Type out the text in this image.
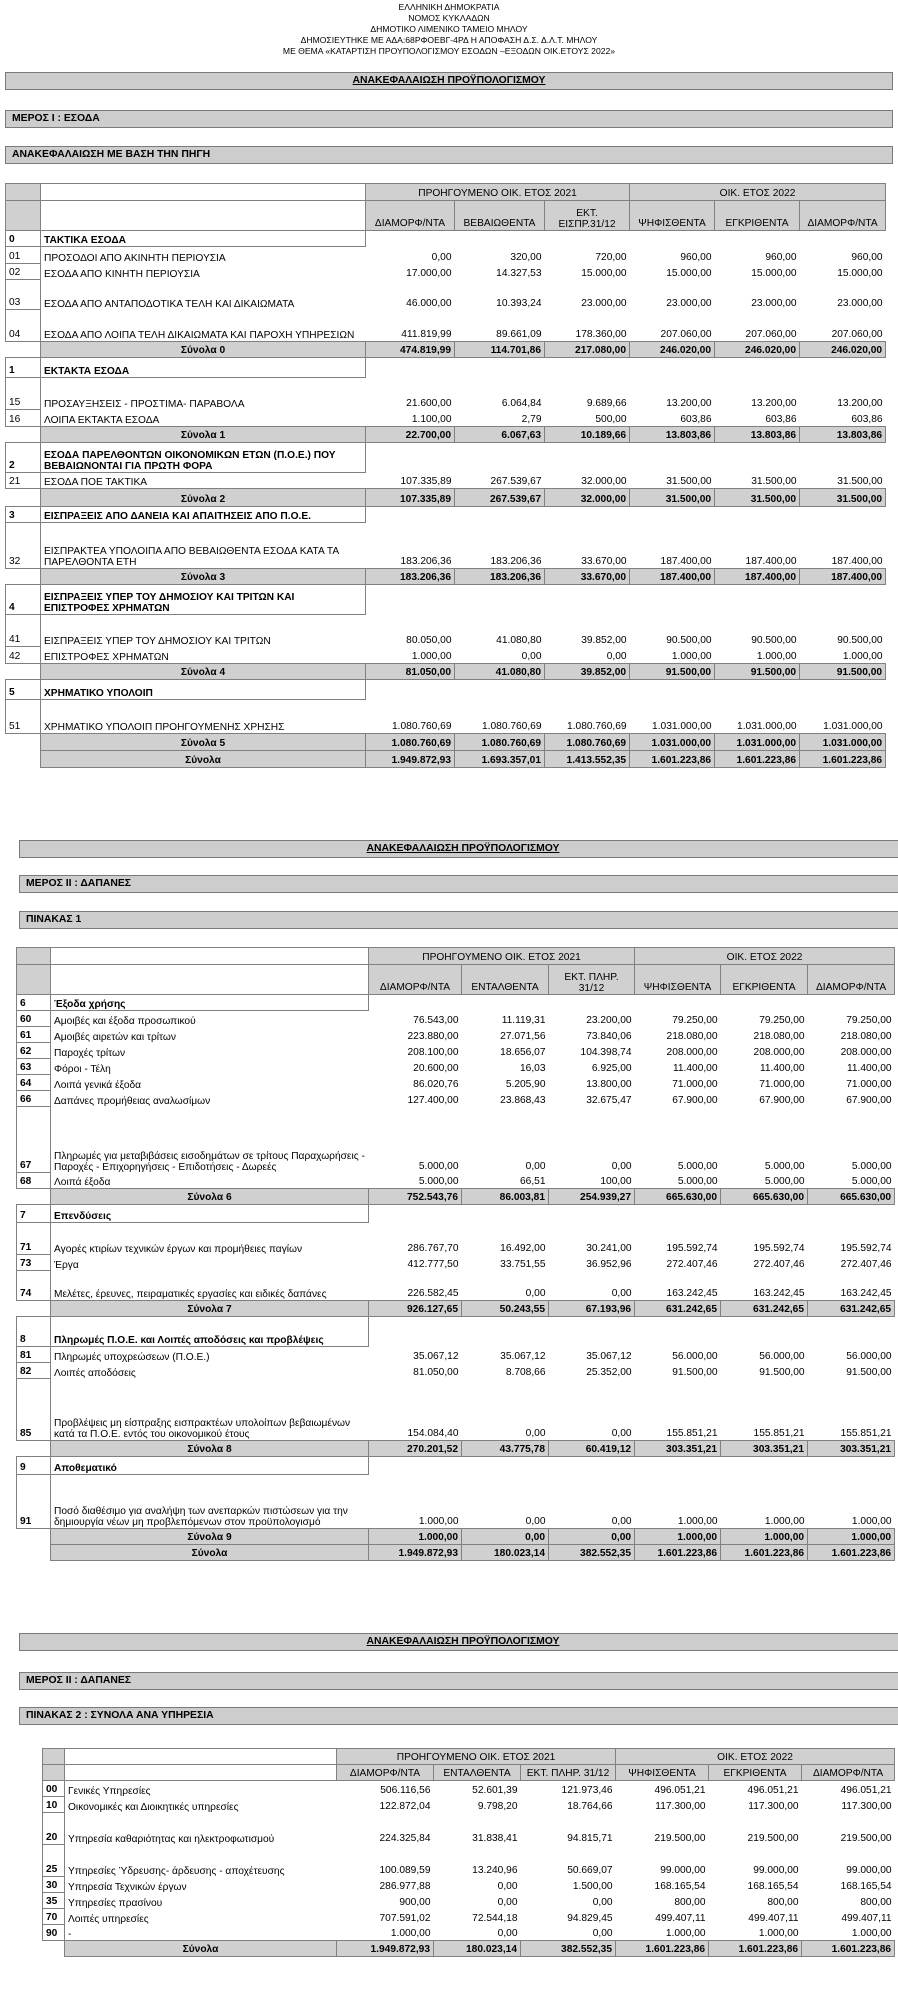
ΕΛΛΗΝΙΚΗ ΔΗΜΟΚΡΑΤΙΑ
ΝΟΜΟΣ ΚΥΚΛΑΔΩΝ
ΔΗΜΟΤΙΚΟ ΛΙΜΕΝΙΚΟ ΤΑΜΕΙΟ ΜΗΛΟΥ
ΔΗΜΟΣΙΕΥΤΗΚΕ ΜΕ ΑΔΑ:68ΡΦΟΕΒΓ-4ΡΔ Η ΑΠΟΦΑΣΗ Δ.Σ. Δ.Λ.Τ. ΜΗΛΟΥ
ΜΕ ΘΕΜΑ «ΚΑΤΑΡΤΙΣΗ ΠΡΟΥΠΟΛΟΓΙΣΜΟΥ ΕΣΟΔΩΝ –ΕΞΟΔΩΝ ΟΙΚ.ΕΤΟΥΣ 2022»
ΑΝΑΚΕΦΑΛΑΙΩΣΗ ΠΡΟΫΠΟΛΟΓΙΣΜΟΥ
ΜΕΡΟΣ Ι : ΕΣΟΔΑ
ΑΝΑΚΕΦΑΛΑΙΩΣΗ ΜΕ ΒΑΣΗ ΤΗΝ ΠΗΓΗ
		ΠΡΟΗΓΟΥΜΕΝΟ ΟΙΚ. ΕΤΟΣ 2021			ΟΙΚ. ΕΤΟΣ 2022		
		ΔΙΑΜΟΡΦ/ΝΤΑ	ΒΕΒΑΙΩΘΕΝΤΑ	ΕΚΤ. ΕΙΣΠΡ.31/12	ΨΗΦΙΣΘΕΝΤΑ	ΕΓΚΡΙΘΕΝΤΑ	ΔΙΑΜΟΡΦ/ΝΤΑ
0	ΤΑΚΤΙΚΑ ΕΣΟΔΑ						
01	ΠΡΟΣΟΔΟΙ ΑΠΟ ΑΚΙΝΗΤΗ ΠΕΡΙΟΥΣΙΑ	0,00	320,00	720,00	960,00	960,00	960,00
02	ΕΣΟΔΑ ΑΠΟ ΚΙΝΗΤΗ ΠΕΡΙΟΥΣΙΑ	17.000,00	14.327,53	15.000,00	15.000,00	15.000,00	15.000,00
03	ΕΣΟΔΑ ΑΠΟ ΑΝΤΑΠΟΔΟΤΙΚΑ ΤΕΛΗ ΚΑΙ ΔΙΚΑΙΩΜΑΤΑ	46.000,00	10.393,24	23.000,00	23.000,00	23.000,00	23.000,00
04	ΕΣΟΔΑ ΑΠΟ ΛΟΙΠΑ ΤΕΛΗ ΔΙΚΑΙΩΜΑΤΑ ΚΑΙ ΠΑΡΟΧΗ ΥΠΗΡΕΣΙΩΝ	411.819,99	89.661,09	178.360,00	207.060,00	207.060,00	207.060,00
	Σύνολα 0	474.819,99	114.701,86	217.080,00	246.020,00	246.020,00	246.020,00
1	ΕΚΤΑΚΤΑ ΕΣΟΔΑ						
15	ΠΡΟΣΑΥΞΗΣΕΙΣ - ΠΡΟΣΤΙΜΑ- ΠΑΡΑΒΟΛΑ	21.600,00	6.064,84	9.689,66	13.200,00	13.200,00	13.200,00
16	ΛΟΙΠΑ ΕΚΤΑΚΤΑ ΕΣΟΔΑ	1.100,00	2,79	500,00	603,86	603,86	603,86
	Σύνολα 1	22.700,00	6.067,63	10.189,66	13.803,86	13.803,86	13.803,86
2	ΕΣΟΔΑ ΠΑΡΕΛΘΟΝΤΩΝ ΟΙΚΟΝΟΜΙΚΩΝ ΕΤΩΝ (Π.Ο.Ε.) ΠΟΥ ΒΕΒΑΙΩΝΟΝΤΑΙ ΓΙΑ ΠΡΩΤΗ ΦΟΡΑ						
21	ΕΣΟΔΑ ΠΟΕ ΤΑΚΤΙΚΑ	107.335,89	267.539,67	32.000,00	31.500,00	31.500,00	31.500,00
	Σύνολα 2	107.335,89	267.539,67	32.000,00	31.500,00	31.500,00	31.500,00
3	ΕΙΣΠΡΑΞΕΙΣ ΑΠΟ ΔΑΝΕΙΑ ΚΑΙ ΑΠΑΙΤΗΣΕΙΣ ΑΠΟ Π.Ο.Ε.						
32	ΕΙΣΠΡΑΚΤΕΑ ΥΠΟΛΟΙΠΑ ΑΠΟ ΒΕΒΑΙΩΘΕΝΤΑ ΕΣΟΔΑ ΚΑΤΑ ΤΑ ΠΑΡΕΛΘΟΝΤΑ ΕΤΗ	183.206,36	183.206,36	33.670,00	187.400,00	187.400,00	187.400,00
	Σύνολα 3	183.206,36	183.206,36	33.670,00	187.400,00	187.400,00	187.400,00
4	ΕΙΣΠΡΑΞΕΙΣ ΥΠΕΡ ΤΟΥ ΔΗΜΟΣΙΟΥ ΚΑΙ ΤΡΙΤΩΝ ΚΑΙ ΕΠΙΣΤΡΟΦΕΣ ΧΡΗΜΑΤΩΝ						
41	ΕΙΣΠΡΑΞΕΙΣ ΥΠΕΡ ΤΟΥ ΔΗΜΟΣΙΟΥ ΚΑΙ ΤΡΙΤΩΝ	80.050,00	41.080,80	39.852,00	90.500,00	90.500,00	90.500,00
42	ΕΠΙΣΤΡΟΦΕΣ ΧΡΗΜΑΤΩΝ	1.000,00	0,00	0,00	1.000,00	1.000,00	1.000,00
	Σύνολα 4	81.050,00	41.080,80	39.852,00	91.500,00	91.500,00	91.500,00
5	ΧΡΗΜΑΤΙΚΟ ΥΠΟΛΟΙΠ						
51	ΧΡΗΜΑΤΙΚΟ ΥΠΟΛΟΙΠ ΠΡΟΗΓΟΥΜΕΝΗΣ ΧΡΗΣΗΣ	1.080.760,69	1.080.760,69	1.080.760,69	1.031.000,00	1.031.000,00	1.031.000,00
	Σύνολα 5	1.080.760,69	1.080.760,69	1.080.760,69	1.031.000,00	1.031.000,00	1.031.000,00
	Σύνολα	1.949.872,93	1.693.357,01	1.413.552,35	1.601.223,86	1.601.223,86	1.601.223,86
ΑΝΑΚΕΦΑΛΑΙΩΣΗ ΠΡΟΫΠΟΛΟΓΙΣΜΟΥ
ΜΕΡΟΣ ΙΙ : ΔΑΠΑΝΕΣ
ΠΙΝΑΚΑΣ 1
		ΠΡΟΗΓΟΥΜΕΝΟ ΟΙΚ. ΕΤΟΣ 2021			ΟΙΚ. ΕΤΟΣ 2022		
		ΔΙΑΜΟΡΦ/ΝΤΑ	ΕΝΤΑΛΘΕΝΤΑ	ΕΚΤ. ΠΛΗΡ. 31/12	ΨΗΦΙΣΘΕΝΤΑ	ΕΓΚΡΙΘΕΝΤΑ	ΔΙΑΜΟΡΦ/ΝΤΑ
6	Έξοδα χρήσης						
60	Αμοιβές και έξοδα προσωπικού	76.543,00	11.119,31	23.200,00	79.250,00	79.250,00	79.250,00
61	Αμοιβές αιρετών και τρίτων	223.880,00	27.071,56	73.840,06	218.080,00	218.080,00	218.080,00
62	Παροχές τρίτων	208.100,00	18.656,07	104.398,74	208.000,00	208.000,00	208.000,00
63	Φόροι - Τέλη	20.600,00	16,03	6.925,00	11.400,00	11.400,00	11.400,00
64	Λοιπά γενικά έξοδα	86.020,76	5.205,90	13.800,00	71.000,00	71.000,00	71.000,00
66	Δαπάνες προμήθειας αναλωσίμων	127.400,00	23.868,43	32.675,47	67.900,00	67.900,00	67.900,00
67	Πληρωμές για μεταβιβάσεις εισοδημάτων σε τρίτους Παραχωρήσεις - Παροχές - Επιχορηγήσεις - Επιδοτήσεις - Δωρεές	5.000,00	0,00	0,00	5.000,00	5.000,00	5.000,00
68	Λοιπά έξοδα	5.000,00	66,51	100,00	5.000,00	5.000,00	5.000,00
	Σύνολα 6	752.543,76	86.003,81	254.939,27	665.630,00	665.630,00	665.630,00
7	Επενδύσεις						
71	Αγορές κτιρίων τεχνικών έργων και προμήθειες παγίων	286.767,70	16.492,00	30.241,00	195.592,74	195.592,74	195.592,74
73	Έργα	412.777,50	33.751,55	36.952,96	272.407,46	272.407,46	272.407,46
74	Μελέτες, έρευνες, πειραματικές εργασίες και ειδικές δαπάνες	226.582,45	0,00	0,00	163.242,45	163.242,45	163.242,45
	Σύνολα 7	926.127,65	50.243,55	67.193,96	631.242,65	631.242,65	631.242,65
8	Πληρωμές Π.Ο.Ε. και Λοιπές αποδόσεις και προβλέψεις						
81	Πληρωμές υποχρεώσεων (Π.Ο.Ε.)	35.067,12	35.067,12	35.067,12	56.000,00	56.000,00	56.000,00
82	Λοιπές αποδόσεις	81.050,00	8.708,66	25.352,00	91.500,00	91.500,00	91.500,00
85	Προβλέψεις μη είσπραξης εισπρακτέων υπολοίπων βεβαιωμένων κατά τα Π.Ο.Ε. εντός του οικονομικού έτους	154.084,40	0,00	0,00	155.851,21	155.851,21	155.851,21
	Σύνολα 8	270.201,52	43.775,78	60.419,12	303.351,21	303.351,21	303.351,21
9	Αποθεματικό						
91	Ποσό διαθέσιμο για αναλήψη των ανεπαρκών πιστώσεων για την δημιουργία νέων μη προβλεπόμενων στον προϋπολογισμό	1.000,00	0,00	0,00	1.000,00	1.000,00	1.000,00
	Σύνολα 9	1.000,00	0,00	0,00	1.000,00	1.000,00	1.000,00
	Σύνολα	1.949.872,93	180.023,14	382.552,35	1.601.223,86	1.601.223,86	1.601.223,86
ΑΝΑΚΕΦΑΛΑΙΩΣΗ ΠΡΟΫΠΟΛΟΓΙΣΜΟΥ
ΜΕΡΟΣ ΙΙ : ΔΑΠΑΝΕΣ
ΠΙΝΑΚΑΣ 2 : ΣΥΝΟΛΑ ΑΝΑ ΥΠΗΡΕΣΙΑ
		ΠΡΟΗΓΟΥΜΕΝΟ ΟΙΚ. ΕΤΟΣ 2021			ΟΙΚ. ΕΤΟΣ 2022		
		ΔΙΑΜΟΡΦ/ΝΤΑ	ΕΝΤΑΛΘΕΝΤΑ	ΕΚΤ. ΠΛΗΡ. 31/12	ΨΗΦΙΣΘΕΝΤΑ	ΕΓΚΡΙΘΕΝΤΑ	ΔΙΑΜΟΡΦ/ΝΤΑ
00	Γενικές Υπηρεσίες	506.116,56	52.601,39	121.973,46	496.051,21	496.051,21	496.051,21
10	Οικονομικές και Διοικητικές υπηρεσίες	122.872,04	9.798,20	18.764,66	117.300,00	117.300,00	117.300,00
20	Υπηρεσία καθαριότητας και ηλεκτροφωτισμού	224.325,84	31.838,41	94.815,71	219.500,00	219.500,00	219.500,00
25	Υπηρεσίες Ύδρευσης- άρδευσης - αποχέτευσης	100.089,59	13.240,96	50.669,07	99.000,00	99.000,00	99.000,00
30	Υπηρεσία Τεχνικών έργων	286.977,88	0,00	1.500,00	168.165,54	168.165,54	168.165,54
35	Υπηρεσίες πρασίνου	900,00	0,00	0,00	800,00	800,00	800,00
70	Λοιπές υπηρεσίες	707.591,02	72.544,18	94.829,45	499.407,11	499.407,11	499.407,11
90	-	1.000,00	0,00	0,00	1.000,00	1.000,00	1.000,00
	Σύνολα	1.949.872,93	180.023,14	382.552,35	1.601.223,86	1.601.223,86	1.601.223,86
